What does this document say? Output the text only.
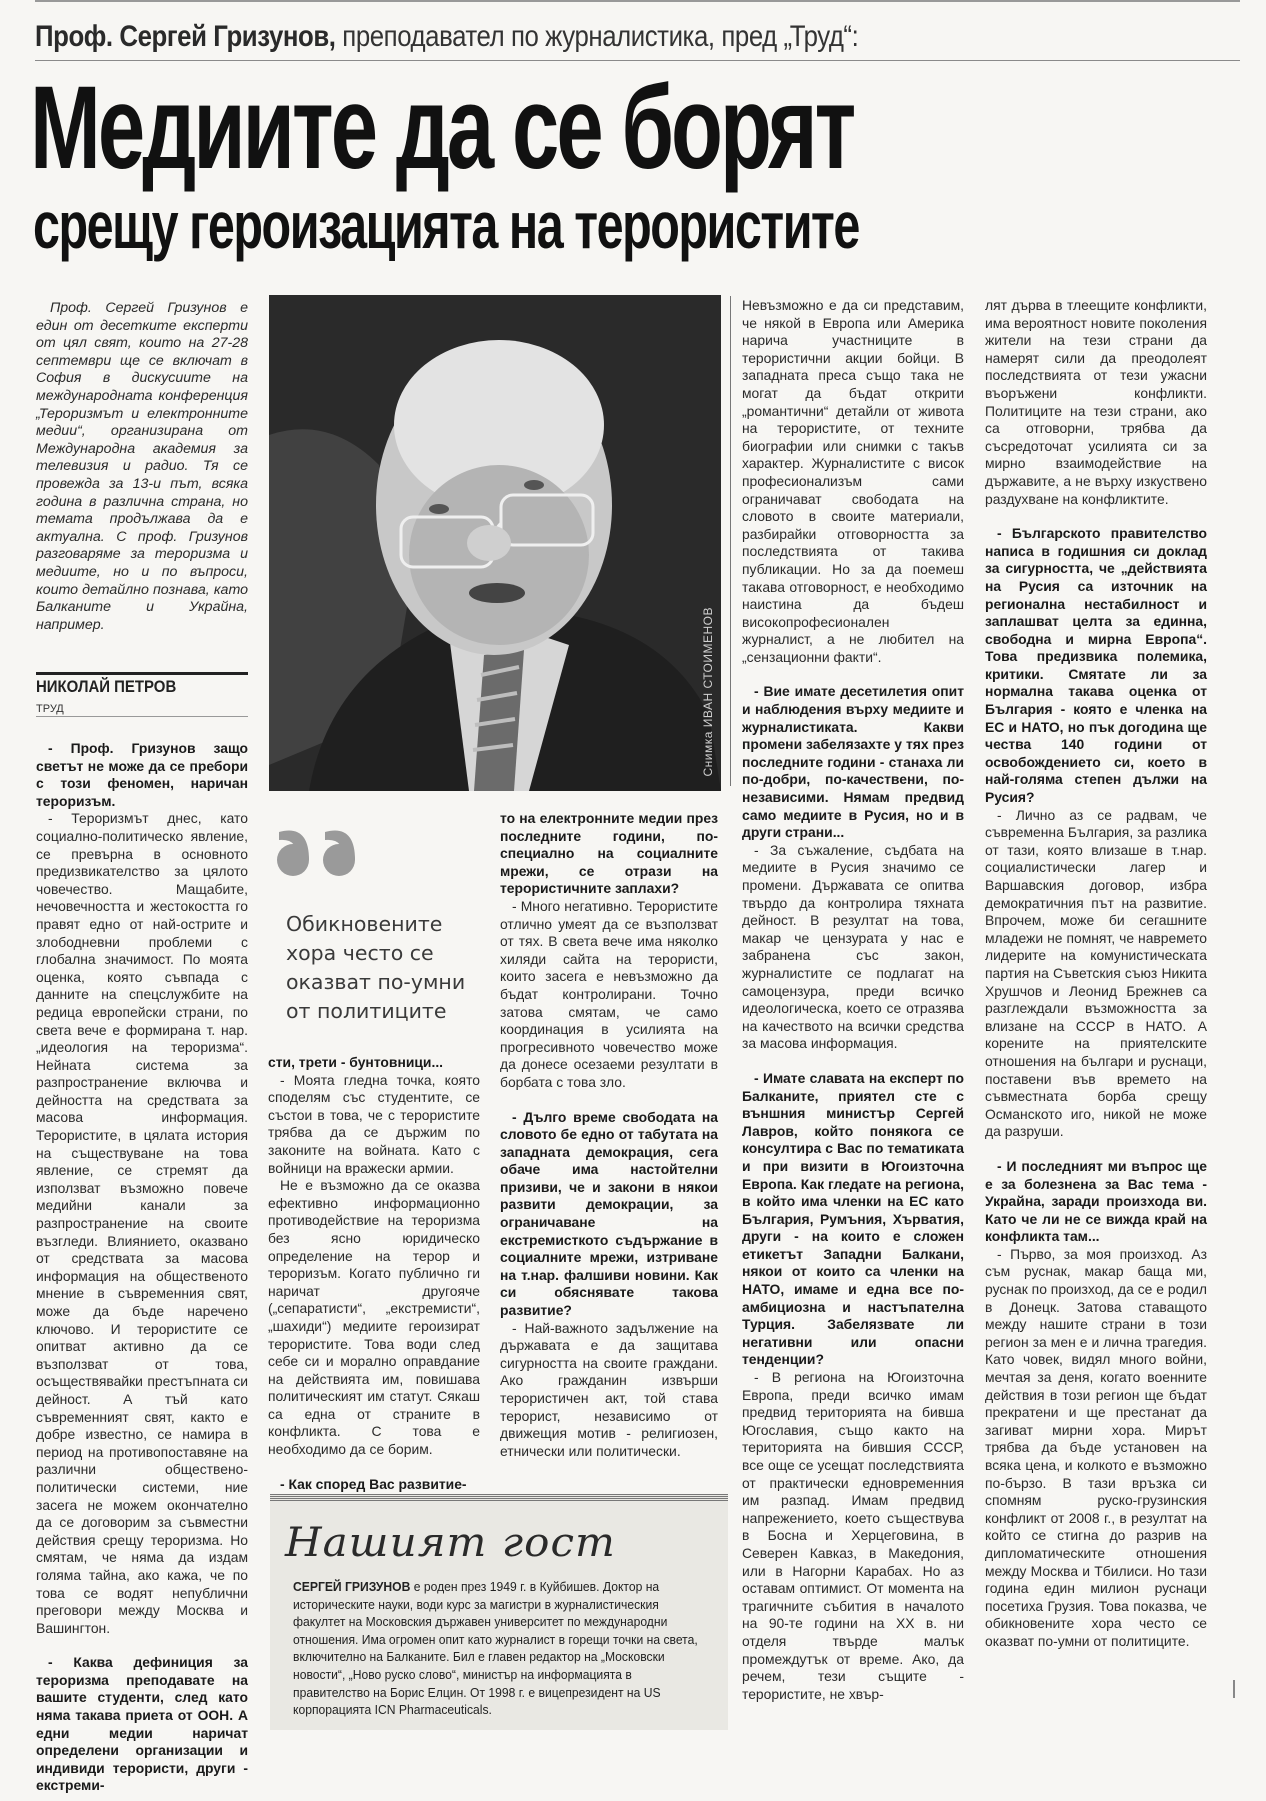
Проф. Сергей Гризунов, преподавател по журналистика, пред „Труд“:
Медиите да се борят
срещу героизацията на терористите
Проф. Сергей Гризунов е един от десетките експерти от цял свят, които на 27-28 септември ще се включат в София в дискусиите на международната конференция „Тероризмът и електронните медии“, организирана от Международна академия за телевизия и радио. Тя се провежда за 13-и път, всяка година в различна страна, но темата продължава да е актуална. С проф. Гризунов разговаряме за тероризма и медиите, но и по въпроси, които детайлно познава, като Балканите и Украйна, например.
НИКОЛАЙ ПЕТРОВ
ТРУД	Снимка ИВАН СТОИМЕНОВ
Обикновените хора често се оказват по-умни от политиците

- Проф. Гризунов защо светът не може да се пребори с този феномен, наричан тероризъм.

- Тероризмът днес, като социално-политическо явление, се превърна в основното предизвикателство за цялото човечество. Мащабите, нечовечността и жестокостта го правят едно от най-острите и злободневни проблеми с глобална значимост. По моята оценка, която съвпада с данните на спецслужбите на редица европейски страни, по света вече е формирана т. нар. „идеология на тероризма“. Нейната система за разпространение включва и дейността на средствата за масова информация. Терористите, в цялата история на съществуване на това явление, се стремят да използват възможно повече медийни канали за разпространение на своите възгледи. Влиянието, оказвано от средствата за масова информация на общественото мнение в съвременния свят, може да бъде наречено ключово. И терористите се опитват активно да се възползват от това, осъществявайки престъпната си дейност. А тъй като съвременният свят, както е добре известно, се намира в период на противопоставяне на различни обществено-политически системи, ние засега не можем окончателно да се договорим за съвместни действия срещу тероризма. Но смятам, че няма да издам голяма тайна, ако кажа, че по това се водят непублични преговори между Москва и Вашингтон.

- Каква дефиниция за тероризма преподавате на вашите студенти, след като няма такава приета от ООН. А едни медии наричат определени организации и индивиди терористи, други - екстреми-

сти, трети - бунтовници...

- Моята гледна точка, която споделям със студентите, се състои в това, че с терористите трябва да се държим по законите на войната. Като с войници на вражески армии.

Не е възможно да се оказва ефективно информационно противодействие на тероризма без ясно юридическо определение на терор и тероризъм. Когато публично ги наричат другояче („сепаратисти“, „екстремисти“, „шахиди“) медиите героизират терористите. Това води след себе си и морално оправдание на действията им, повишава политическият им статут. Сякаш са една от страните в конфликта. С това е необходимо да се борим.

- Как според Вас развитие-

то на електронните медии през последните години, по-специално на социалните мрежи, се отрази на терористичните заплахи?

- Много негативно. Терористите отлично умеят да се възползват от тях. В света вече има няколко хиляди сайта на терористи, които засега е невъзможно да бъдат контролирани. Точно затова смятам, че само координация в усилията на прогресивното човечество може да донесе осезаеми резултати в борбата с това зло.

- Дълго време свободата на словото бе едно от табутата на западната демокрация, сега обаче има настойтелни призиви, че и закони в някои развити демокрации, за ограничаване на екстремисткото съдържание в социалните мрежи, изтриване на т.нар. фалшиви новини. Как си обяснявате такова развитие?

- Най-важното задължение на държавата е да защитава сигурността на своите граждани. Ако гражданин извърши терористичен акт, той става терорист, независимо от движещия мотив - религиозен, етнически или политически.

Невъзможно е да си представим, че някой в Европа или Америка нарича участниците в терористични акции бойци. В западната преса също така не могат да бъдат открити „романтични“ детайли от живота на терористите, от техните биографии или снимки с такъв характер. Журналистите с висок професионализъм сами ограничават свободата на словото в своите материали, разбирайки отговорността за последствията от такива публикации. Но за да поемеш такава отговорност, е необходимо наистина да бъдеш високопрофесионален журналист, а не любител на „сензационни факти“.

- Вие имате десетилетия опит и наблюдения върху медиите и журналистиката. Какви промени забелязахте у тях през последните години - станаха ли по-добри, по-качествени, по-независими. Нямам предвид само медиите в Русия, но и в други страни...

- За съжаление, съдбата на медиите в Русия значимо се промени. Държавата се опитва твърдо да контролира тяхната дейност. В резултат на това, макар че цензурата у нас е забранена със закон, журналистите се подлагат на самоцензура, преди всичко идеологическа, което се отразява на качеството на всички средства за масова информация.

- Имате славата на експерт по Балканите, приятел сте с външния министър Сергей Лавров, който понякога се консултира с Вас по тематиката и при визити в Югоизточна Европа. Как гледате на региона, в който има членки на ЕС като България, Румъния, Хърватия, други - на които е сложен етикетът Западни Балкани, някои от които са членки на НАТО, имаме и една все по-амбициозна и настъпателна Турция. Забелязвате ли негативни или опасни тенденции?

- В региона на Югоизточна Европа, преди всичко имам предвид територията на бивша Югославия, също както на територията на бившия СССР, все още се усещат последствията от практически едновременния им разпад. Имам предвид напрежението, което съществува в Босна и Херцеговина, в Северен Кавказ, в Македония, или в Нагорни Карабах. Но аз оставам оптимист. От момента на трагичните събития в началото на 90-те години на XX в. ни отделя твърде малък промеждутък от време. Ако, да речем, тези същите - терористите, не хвър-

лят дърва в тлеещите конфликти, има вероятност новите поколения жители на тези страни да намерят сили да преодолеят последствията от тези ужасни въоръжени конфликти. Политиците на тези страни, ако са отговорни, трябва да съсредоточат усилията си за мирно взаимодействие на държавите, а не върху изкуствено раздухване на конфликтите.

- Българското правителство написа в годишния си доклад за сигурността, че „действията на Русия са източник на регионална нестабилност и заплашват целта за единна, свободна и мирна Европа“. Това предизвика полемика, критики. Смятате ли за нормална такава оценка от България - която е членка на ЕС и НАТО, но пък догодина ще чества 140 години от освобождението си, което в най-голяма степен дължи на Русия?

- Лично аз се радвам, че съвременна България, за разлика от тази, която влизаше в т.нар. социалистически лагер и Варшавския договор, избра демократичния път на развитие. Впрочем, може би сегашните младежи не помнят, че навремето лидерите на комунистическата партия на Съветския съюз Никита Хрушчов и Леонид Брежнев са разглеждали възможността за влизане на СССР в НАТО. А корените на приятелските отношения на българи и руснаци, поставени във времето на съвместната борба срещу Османското иго, никой не може да разруши.

- И последният ми въпрос ще е за болезнена за Вас тема - Украйна, заради произхода ви. Като че ли не се вижда край на конфликта там...

- Първо, за моя произход. Аз съм руснак, макар баща ми, руснак по произход, да се е родил в Донецк. Затова ставащото между нашите страни в този регион за мен е и лична трагедия. Като човек, видял много войни, мечтая за деня, когато военните действия в този регион ще бъдат прекратени и ще престанат да загиват мирни хора. Мирът трябва да бъде установен на всяка цена, и колкото е възможно по-бързо. В тази връзка си спомням руско-грузинския конфликт от 2008 г., в резултат на който се стигна до разрив на дипломатическите отношения между Москва и Тбилиси. Но тази година един милион руснаци посетиха Грузия. Това показва, че обикновените хора често се оказват по-умни от политиците.

Нашият гост
СЕРГЕЙ ГРИЗУНОВ е роден през 1949 г. в Куйбишев. Доктор на историческите науки, води курс за магистри в журналистическия факултет на Московския държавен университет по международни отношения. Има огромен опит като журналист в горещи точки на света, включително на Балканите. Бил е главен редактор на „Московски новости“, „Ново руско слово“, министър на информацията в правителство на Борис Елцин. От 1998 г. е вицепрезидент на US корпорацията ICN Pharmaceuticals.
